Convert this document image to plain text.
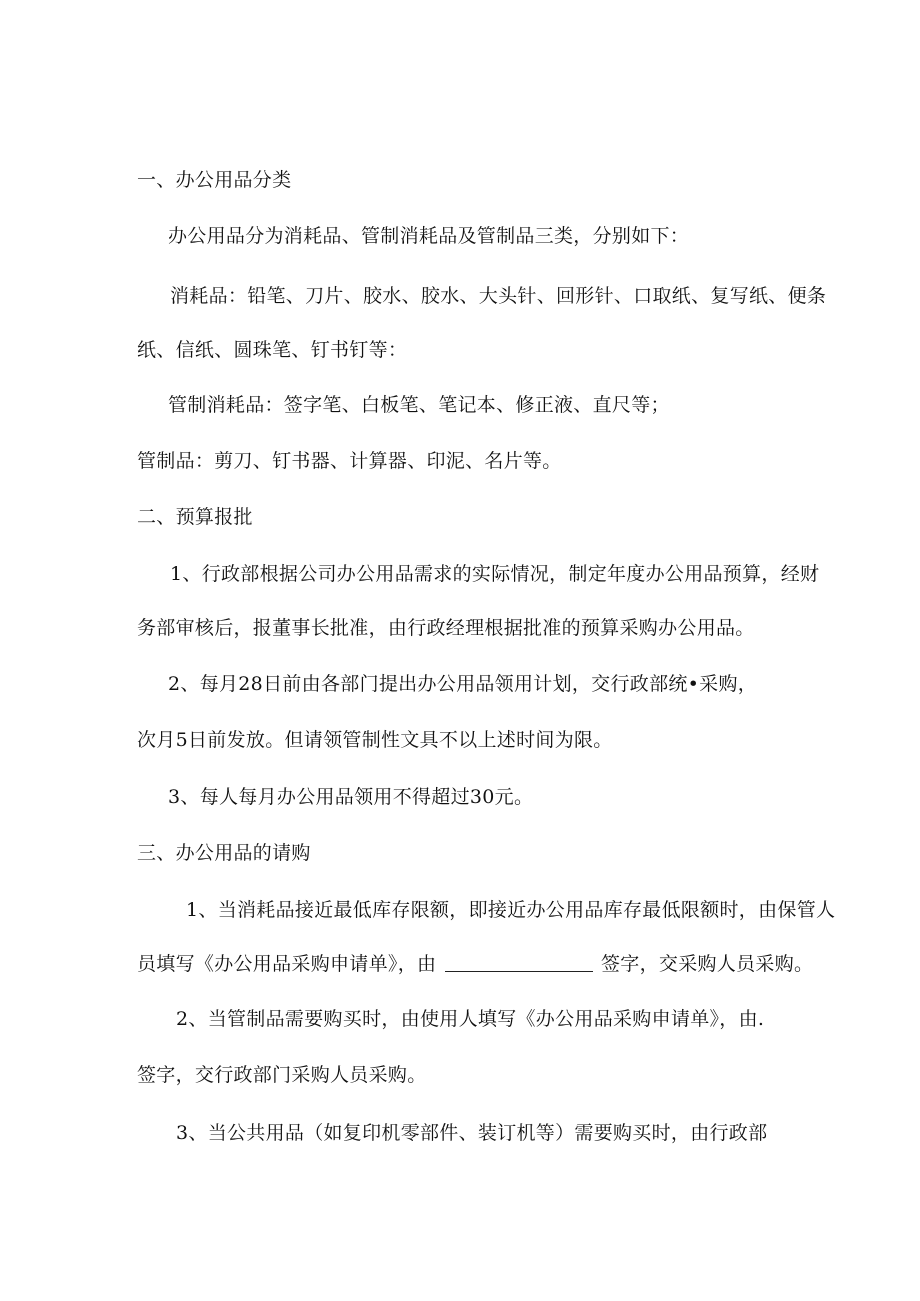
一、办公用品分类
办公用品分为消耗品、管制消耗品及管制品三类，分别如下：
消耗品：铅笔、刀片、胶水、胶水、大头针、回形针、口取纸、复写纸、便条
纸、信纸、圆珠笔、钉书钉等：
管制消耗品：签字笔、白板笔、笔记本、修正液、直尺等；
管制品：剪刀、钉书器、计算器、印泥、名片等。
二、预算报批
1、行政部根据公司办公用品需求的实际情况，制定年度办公用品预算，经财
务部审核后，报董事长批准，由行政经理根据批准的预算采购办公用品。
2、每月28日前由各部门提出办公用品领用计划，交行政部统•采购，
次月5日前发放。但请领管制性文具不以上述时间为限。
3、每人每月办公用品领用不得超过30元。
三、办公用品的请购
1、当消耗品接近最低库存限额，即接近办公用品库存最低限额时，由保管人
员填写《办公用品采购申请单》，由	签字，交采购人员采购。
2、当管制品需要购买时，由使用人填写《办公用品采购申请单》，由.
签字，交行政部门采购人员采购。
3、当公共用品（如复印机零部件、装订机等）需要购买时，由行政部
